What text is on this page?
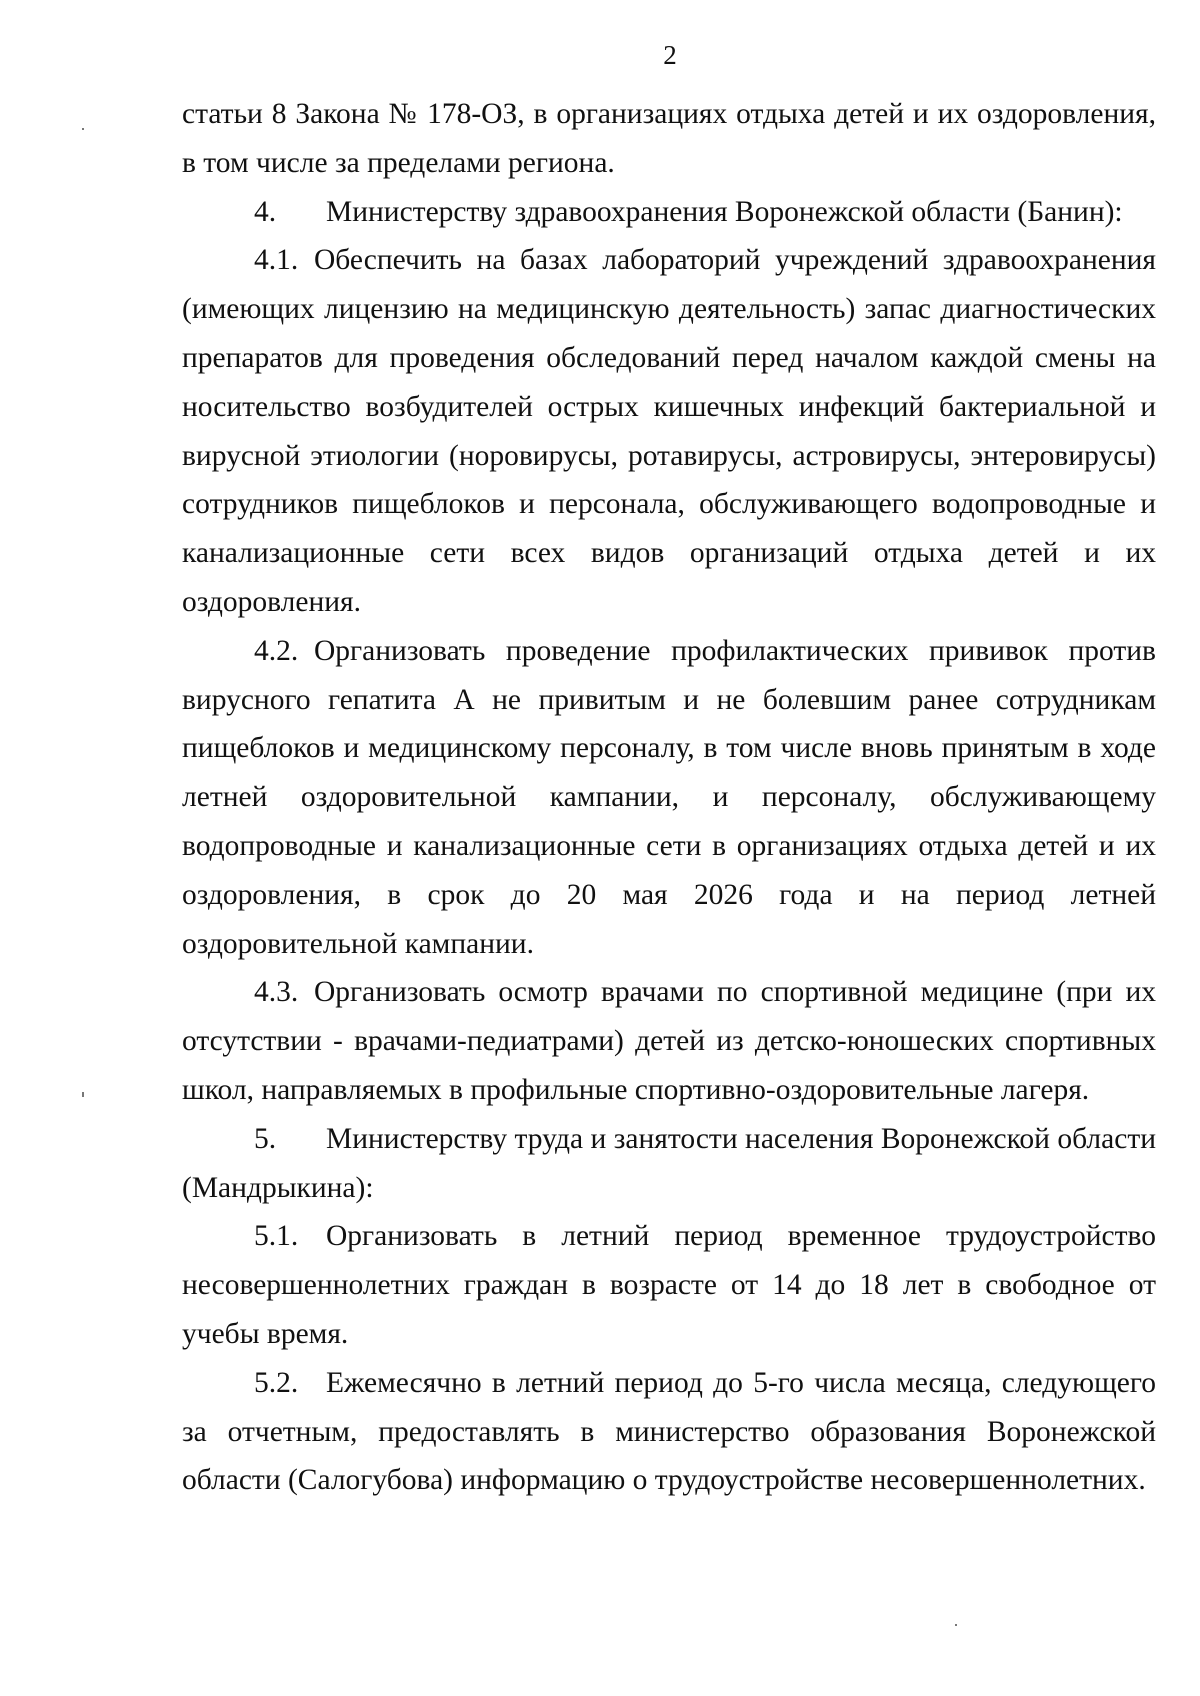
2

статьи 8 Закона № 178-ОЗ, в организациях отдыха детей и их оздоровления, в том числе за пределами региона.

4. Министерству здравоохранения Воронежской области (Банин):

4.1. Обеспечить на базах лабораторий учреждений здравоохранения (имеющих лицензию на медицинскую деятельность) запас диагностических препаратов для проведения обследований перед началом каждой смены на носительство возбудителей острых кишечных инфекций бактериальной и вирусной этиологии (норовирусы, ротавирусы, астровирусы, энтеровирусы) сотрудников пищеблоков и персонала, обслуживающего водопроводные и канализационные сети всех видов организаций отдыха детей и их оздоровления.

4.2. Организовать проведение профилактических прививок против вирусного гепатита А не привитым и не болевшим ранее сотрудникам пищеблоков и медицинскому персоналу, в том числе вновь принятым в ходе летней оздоровительной кампании, и персоналу, обслуживающему водопроводные и канализационные сети в организациях отдыха детей и их оздоровления, в срок до 20 мая 2026 года и на период летней оздоровительной кампании.

4.3. Организовать осмотр врачами по спортивной медицине (при их отсутствии - врачами-педиатрами) детей из детско-юношеских спортивных школ, направляемых в профильные спортивно-оздоровительные лагеря.

5. Министерству труда и занятости населения Воронежской области (Мандрыкина):

5.1. Организовать в летний период временное трудоустройство несовершеннолетних граждан в возрасте от 14 до 18 лет в свободное от учебы время.

5.2. Ежемесячно в летний период до 5-го числа месяца, следующего за отчетным, предоставлять в министерство образования Воронежской области (Салогубова) информацию о трудоустройстве несовершеннолетних.
